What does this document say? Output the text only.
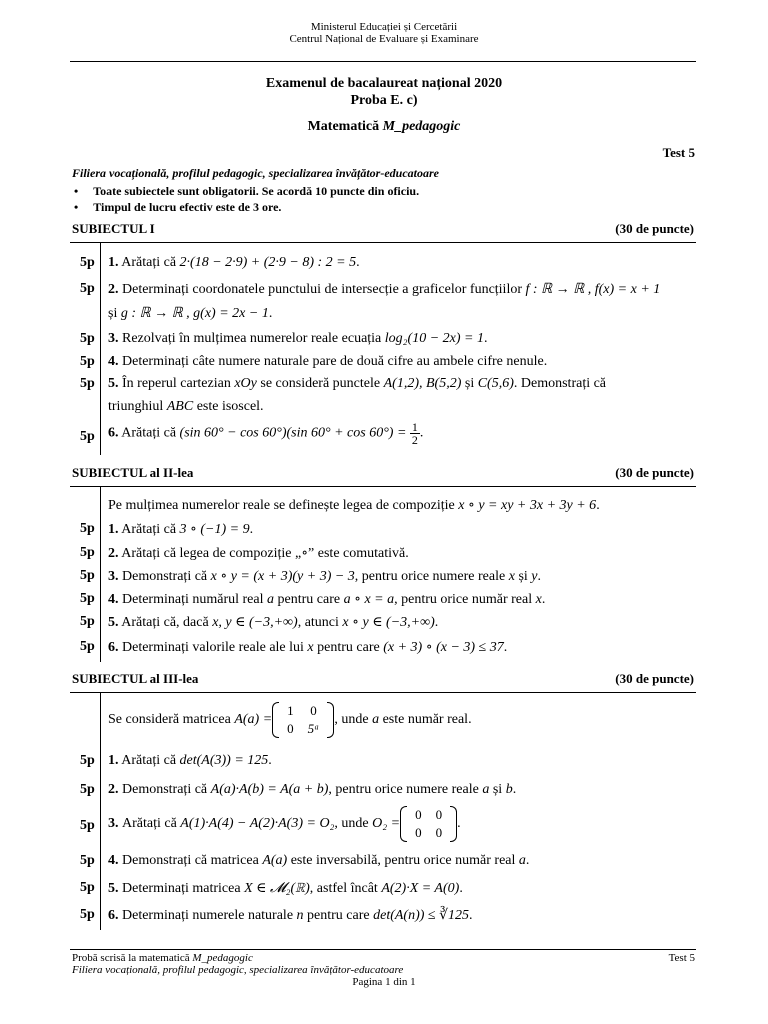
Ministerul Educației și Cercetării
Centrul Național de Evaluare și Examinare
Examenul de bacalaureat național 2020
Proba E. c)
Matematică M_pedagogic
Test 5
Filiera vocațională, profilul pedagogic, specializarea învățător-educatoare
•     Toate subiectele sunt obligatorii. Se acordă 10 puncte din oficiu.
•     Timpul de lucru efectiv este de 3 ore.
SUBIECTUL I	(30 de puncte)
5p 1. Arătați că 2·(18 − 2·9) + (2·9 − 8) : 2 = 5.
5p 2. Determinați coordonatele punctului de intersecție a graficelor funcțiilor f : ℝ → ℝ , f(x) = x + 1
și g : ℝ → ℝ , g(x) = 2x − 1.
5p 3. Rezolvați în mulțimea numerelor reale ecuația log₂(10 − 2x) = 1.
5p 4. Determinați câte numere naturale pare de două cifre au ambele cifre nenule.
5p 5. În reperul cartezian xOy se consideră punctele A(1,2), B(5,2) și C(5,6). Demonstrați că
triunghiul ABC este isoscel.
5p 6. Arătați că (sin 60° − cos 60°)(sin $60^\circ + \cos 60^\circ) = \frac{1}{2}$ .
SUBIECTUL al II-lea	(30 de puncte)
Pe mulțimea numerelor reale se definește legea de compoziție x ∘ y = xy + 3x + 3y + 6.
5p 1. Arătați că 3 ∘ (−1) = 9.
5p 2. Arătați că legea de compoziție „∘” este comutativă.
5p 3. Demonstrați că x ∘ y = (x + 3)(y + 3) − 3, pentru orice numere reale x și y.
5p 4. Determinați numărul real a pentru care a ∘ x = a, pentru orice număr real x.
5p 5. Arătați că, dacă x, y ∈ (−3,+∞), atunci x ∘ y ∈ (−3,+∞).
5p 6. Determinați valorile reale ale lui x pentru care (x + 3) ∘ (x − 3) ≤ 37.
SUBIECTUL al III-lea	(30 de puncte)
Se consideră matricea A(a) =
1	0
0	5ᵃ
, unde a este număr real.
5p 1. Arătați că det(A(3)) = 125.
5p 2. Demonstrați că A(a)·A(b) = A(a + b), pentru orice numere reale a și b.
5p 3. Arătați că A(1)·A(4) − A(2)·A(3) = O₂, unde O₂ =
0	0
0	0
.
5p 4. Demonstrați că matricea A(a) este inversabilă, pentru orice număr real a.
5p 5. Determinați matricea X ∈ 𝓜₂(ℝ), astfel încât A(2)·X = A(0).
5p 6. Determinați numerele naturale n pentru care det(A(n)) ≤ ∛125.
Probă scrisă la matematică M_pedagogic	Test 5
Filiera vocațională, profilul pedagogic, specializarea învățător-educatoare
Pagina 1 din 1
